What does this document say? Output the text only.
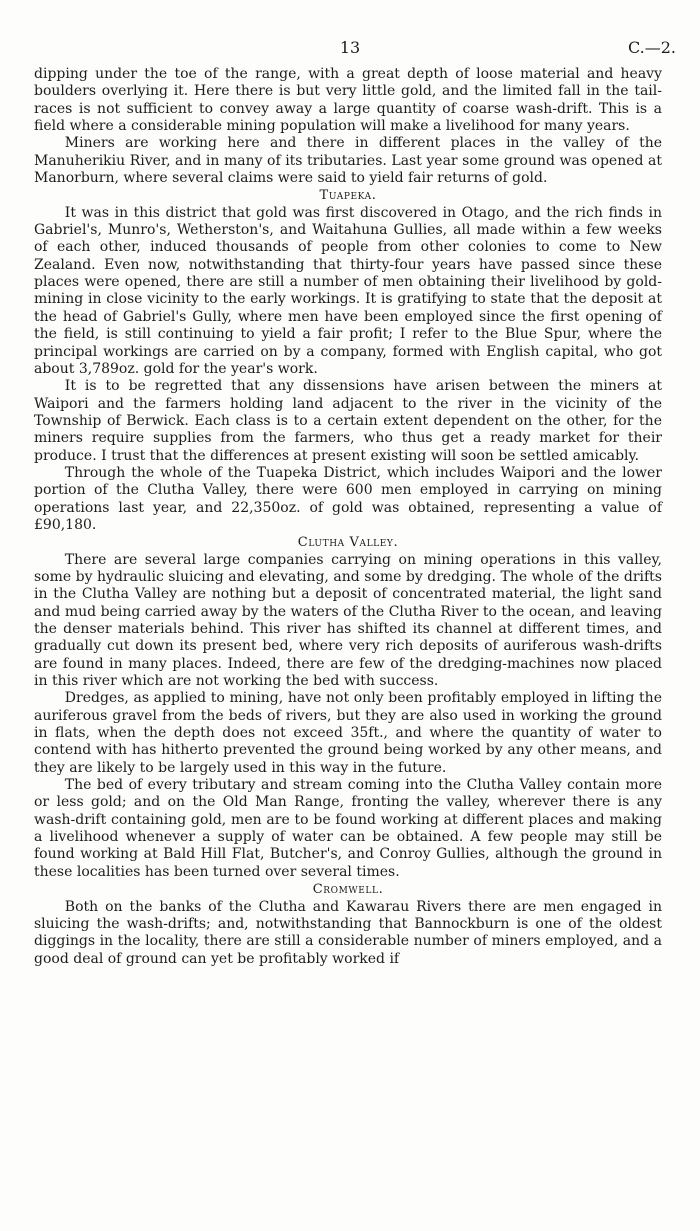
13	C.—2.

dipping under the toe of the range, with a great depth of loose material and heavy boulders overlying it. Here there is but very little gold, and the limited fall in the tail-races is not sufficient to convey away a large quantity of coarse wash-drift. This is a field where a considerable mining population will make a livelihood for many years.

Miners are working here and there in different places in the valley of the Manuherikiu River, and in many of its tributaries. Last year some ground was opened at Manorburn, where several claims were said to yield fair returns of gold.

Tuapeka.

It was in this district that gold was first discovered in Otago, and the rich finds in Gabriel's, Munro's, Wetherston's, and Waitahuna Gullies, all made within a few weeks of each other, induced thousands of people from other colonies to come to New Zealand. Even now, notwithstanding that thirty-four years have passed since these places were opened, there are still a number of men obtaining their livelihood by gold-mining in close vicinity to the early workings. It is gratifying to state that the deposit at the head of Gabriel's Gully, where men have been employed since the first opening of the field, is still continuing to yield a fair profit; I refer to the Blue Spur, where the principal workings are carried on by a company, formed with English capital, who got about 3,789oz. gold for the year's work.

It is to be regretted that any dissensions have arisen between the miners at Waipori and the farmers holding land adjacent to the river in the vicinity of the Township of Berwick. Each class is to a certain extent dependent on the other, for the miners require supplies from the farmers, who thus get a ready market for their produce. I trust that the differences at present existing will soon be settled amicably.

Through the whole of the Tuapeka District, which includes Waipori and the lower portion of the Clutha Valley, there were 600 men employed in carrying on mining operations last year, and 22,350oz. of gold was obtained, representing a value of £90,180.

Clutha Valley.

There are several large companies carrying on mining operations in this valley, some by hydraulic sluicing and elevating, and some by dredging. The whole of the drifts in the Clutha Valley are nothing but a deposit of concentrated material, the light sand and mud being carried away by the waters of the Clutha River to the ocean, and leaving the denser materials behind. This river has shifted its channel at different times, and gradually cut down its present bed, where very rich deposits of auriferous wash-drifts are found in many places. Indeed, there are few of the dredging-machines now placed in this river which are not working the bed with success.

Dredges, as applied to mining, have not only been profitably employed in lifting the auriferous gravel from the beds of rivers, but they are also used in working the ground in flats, when the depth does not exceed 35ft., and where the quantity of water to contend with has hitherto prevented the ground being worked by any other means, and they are likely to be largely used in this way in the future.

The bed of every tributary and stream coming into the Clutha Valley contain more or less gold; and on the Old Man Range, fronting the valley, wherever there is any wash-drift containing gold, men are to be found working at different places and making a livelihood whenever a supply of water can be obtained. A few people may still be found working at Bald Hill Flat, Butcher's, and Conroy Gullies, although the ground in these localities has been turned over several times.

Cromwell.

Both on the banks of the Clutha and Kawarau Rivers there are men engaged in sluicing the wash-drifts; and, notwithstanding that Bannockburn is one of the oldest diggings in the locality, there are still a considerable number of miners employed, and a good deal of ground can yet be profitably worked if
